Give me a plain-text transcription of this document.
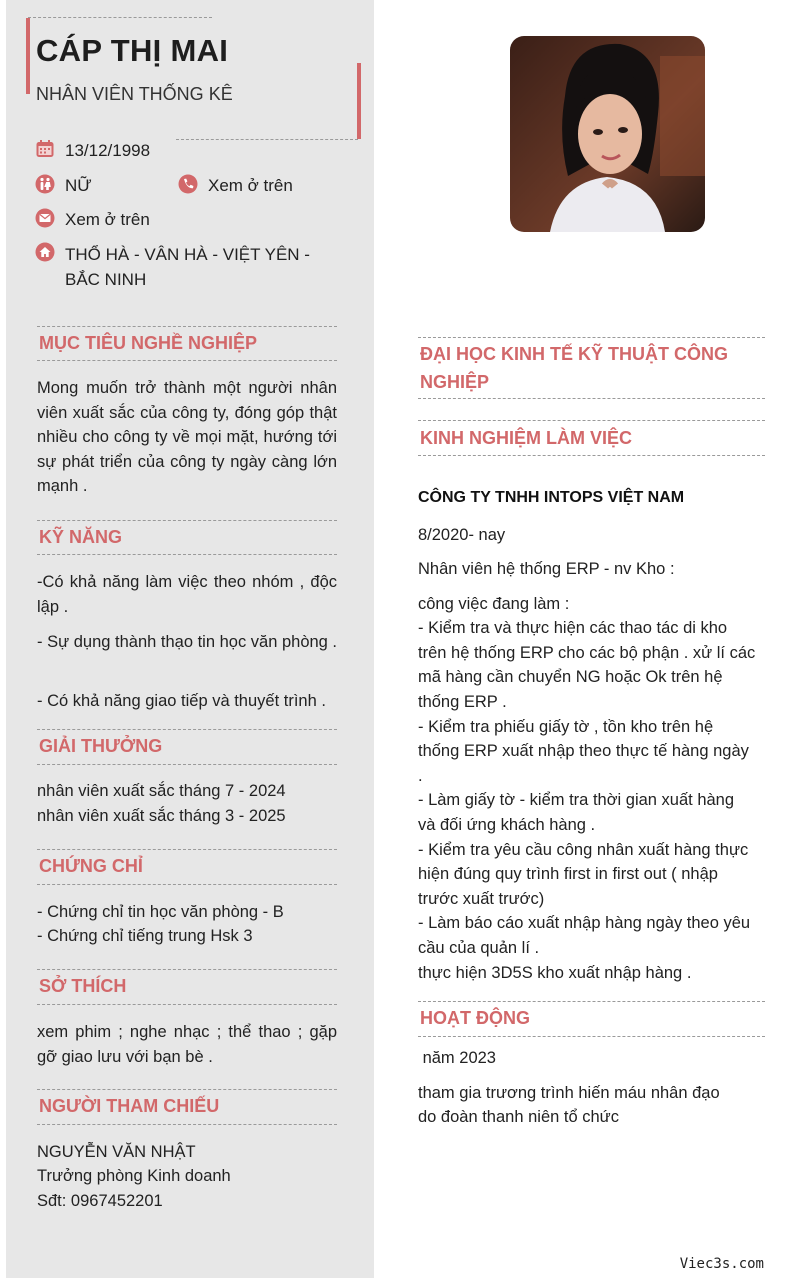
CÁP THỊ MAI
NHÂN VIÊN THỐNG KÊ
13/12/1998
NỮ	Xem ở trên
Xem ở trên
THỔ HÀ - VÂN HÀ - VIỆT YÊN -
BẮC NINH
MỤC TIÊU NGHỀ NGHIỆP
Mong muốn trở thành một người nhân viên xuất sắc của công ty, đóng góp thật nhiều cho công ty về mọi mặt, hướng tới sự phát triển của công ty ngày càng lớn mạnh .
KỸ NĂNG
-Có khả năng làm việc theo nhóm , độc lập .
- Sự dụng thành thạo tin học văn phòng .
- Có khả năng giao tiếp và thuyết trình .
GIẢI THƯỞNG
nhân viên xuất sắc tháng 7 - 2024
nhân viên xuất sắc tháng 3 - 2025
CHỨNG CHỈ
- Chứng chỉ tin học văn phòng - B
- Chứng chỉ tiếng trung Hsk 3
SỞ THÍCH
xem phim ; nghe nhạc ; thể thao ; gặp gỡ giao lưu với bạn bè .
NGƯỜI THAM CHIẾU
NGUYỄN VĂN NHẬT
Trưởng phòng Kinh doanh
Sđt: 0967452201
ĐẠI HỌC KINH TẾ KỸ THUẬT CÔNG
NGHIỆP
KINH NGHIỆM LÀM VIỆC
CÔNG TY TNHH INTOPS VIỆT NAM
8/2020- nay
Nhân viên hệ thống ERP - nv Kho :
công việc đang làm :
- Kiểm tra và thực hiện các thao tác di kho
trên hệ thống ERP cho các bộ phận . xử lí các
mã hàng cần chuyển NG hoặc Ok trên hệ
thống ERP .
- Kiểm tra phiếu giấy tờ , tồn kho trên hệ
thống ERP xuất nhập theo thực tế hàng ngày
.
- Làm giấy tờ - kiểm tra thời gian xuất hàng
và đối ứng khách hàng .
- Kiểm tra yêu cầu công nhân xuất hàng thực
hiện đúng quy trình first in first out ( nhập
trước xuất trước)
- Làm báo cáo xuất nhập hàng ngày theo yêu
cầu của quản lí .
thực hiện 3D5S kho xuất nhập hàng .
HOẠT ĐỘNG
năm 2023
tham gia trương trình hiến máu nhân đạo
do đoàn thanh niên tổ chức
Viec3s.com
